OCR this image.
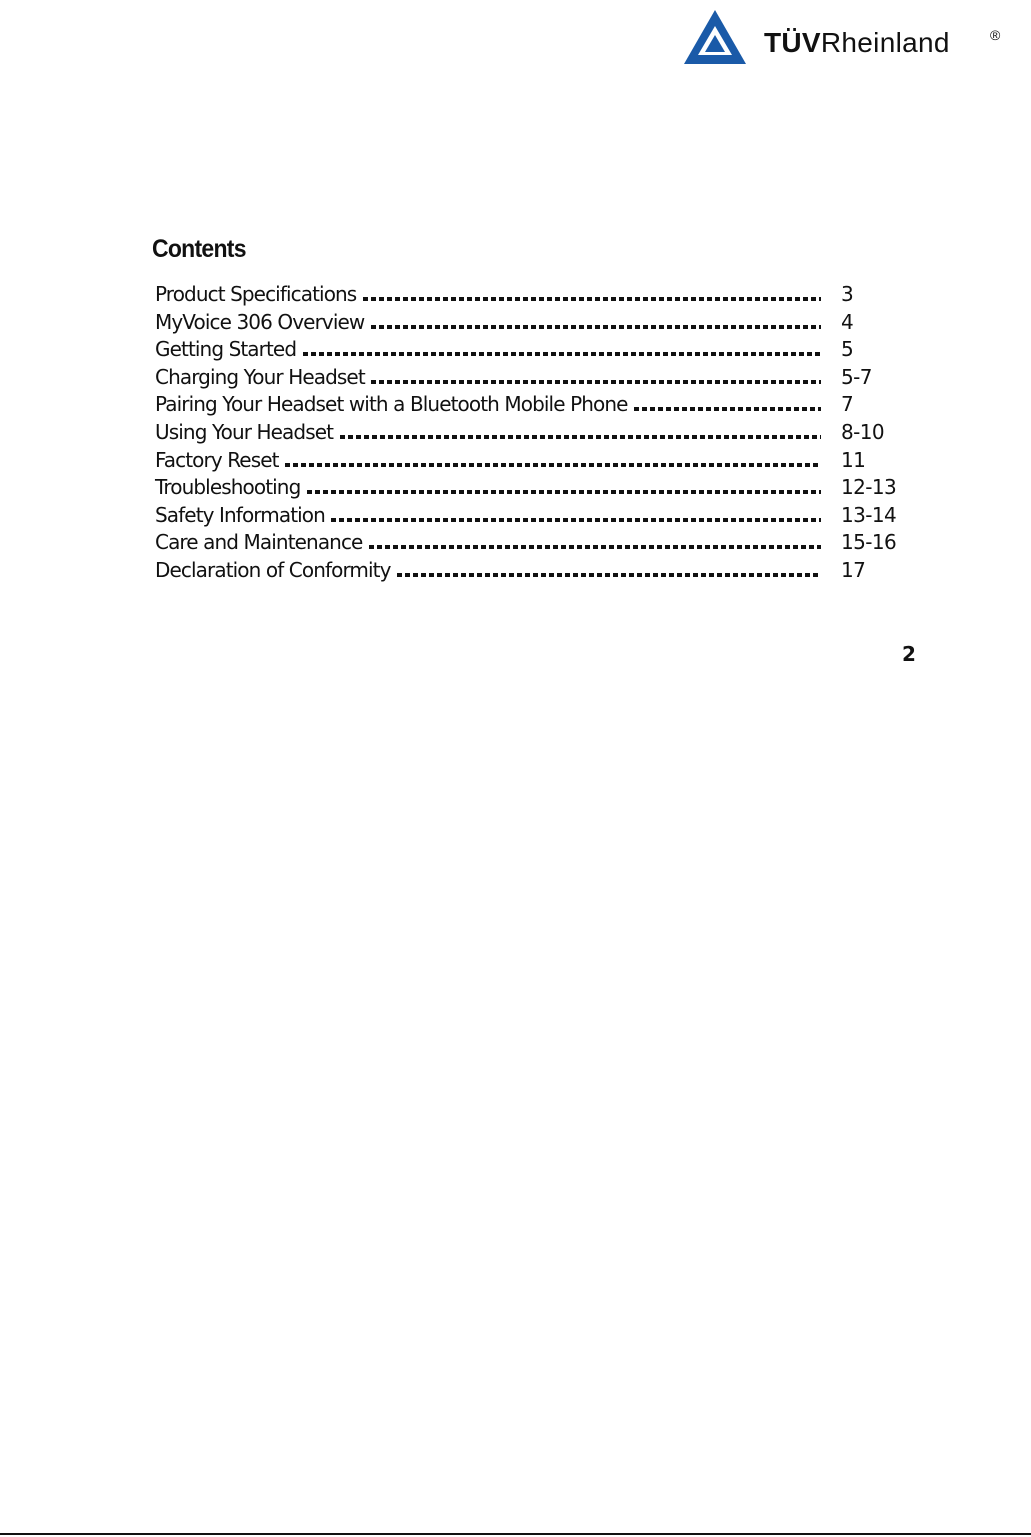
TÜVRheinland	®
Contents
Product Specifications	3
MyVoice 306 Overview	4
Getting Started	5
Charging Your Headset	5-7
Pairing Your Headset with a Bluetooth Mobile Phone	7
Using Your Headset	8-10
Factory Reset	11
Troubleshooting	12-13
Safety Information	13-14
Care and Maintenance	15-16
Declaration of Conformity	17
2
